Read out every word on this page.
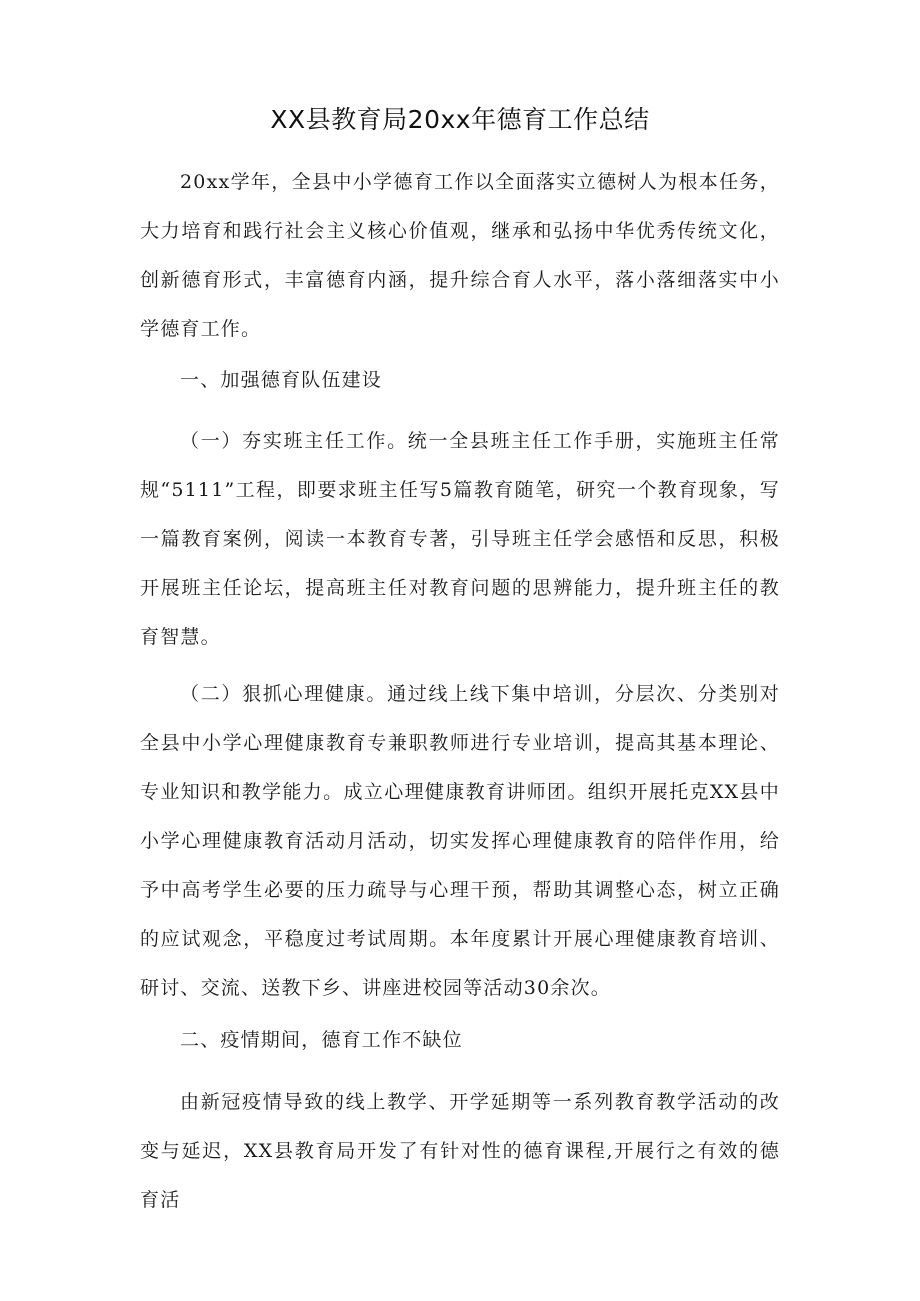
XX县教育局20xx年德育工作总结

20xx学年，全县中小学德育工作以全面落实立德树人为根本任务，大力培育和践行社会主义核心价值观，继承和弘扬中华优秀传统文化，创新德育形式，丰富德育内涵，提升综合育人水平，落小落细落实中小学德育工作。

一、加强德育队伍建设

（一）夯实班主任工作。统一全县班主任工作手册，实施班主任常规“5111”工程，即要求班主任写5篇教育随笔，研究一个教育现象，写一篇教育案例，阅读一本教育专著，引导班主任学会感悟和反思，积极开展班主任论坛，提高班主任对教育问题的思辨能力，提升班主任的教育智慧。

（二）狠抓心理健康。通过线上线下集中培训，分层次、分类别对全县中小学心理健康教育专兼职教师进行专业培训，提高其基本理论、专业知识和教学能力。成立心理健康教育讲师团。组织开展托克XX县中小学心理健康教育活动月活动，切实发挥心理健康教育的陪伴作用，给予中高考学生必要的压力疏导与心理干预，帮助其调整心态，树立正确的应试观念，平稳度过考试周期。本年度累计开展心理健康教育培训、研讨、交流、送教下乡、讲座进校园等活动30余次。

二、疫情期间，德育工作不缺位

由新冠疫情导致的线上教学、开学延期等一系列教育教学活动的改变与延迟，XX县教育局开发了有针对性的德育课程,开展行之有效的德育活
